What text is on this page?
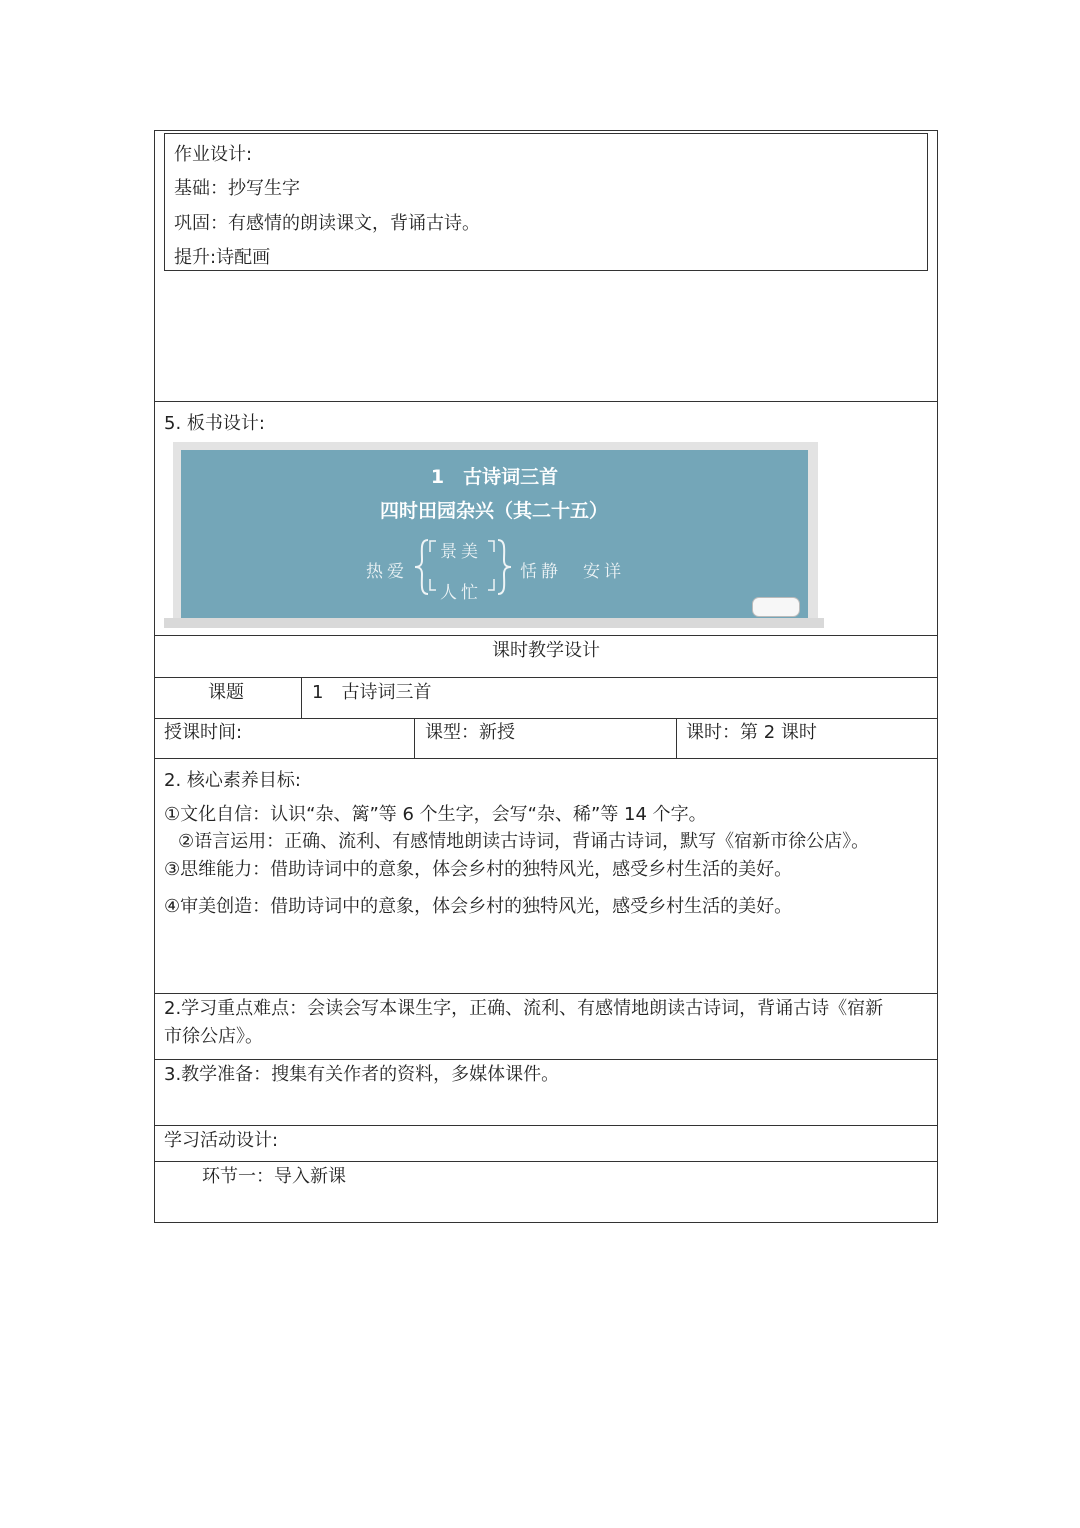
作业设计:
基础：抄写生字
巩固：有感情的朗读课文，背诵古诗。
提升:诗配画
5. 板书设计:
1　古诗词三首
四时田园杂兴（其二十五）
热爱
景美
人忙
恬静　安详
课时教学设计
课题	1　古诗词三首
授课时间:	课型：新授	课时：第 2 课时
2. 核心素养目标:
①文化自信：认识“杂、篱”等 6 个生字，会写“杂、稀”等 14 个字。
②语言运用：正确、流利、有感情地朗读古诗词，背诵古诗词，默写《宿新市徐公店》。
③思维能力：借助诗词中的意象，体会乡村的独特风光，感受乡村生活的美好。
④审美创造：借助诗词中的意象，体会乡村的独特风光，感受乡村生活的美好。
2.学习重点难点：会读会写本课生字，正确、流利、有感情地朗读古诗词，背诵古诗《宿新
市徐公店》。
3.教学准备：搜集有关作者的资料，多媒体课件。
学习活动设计:
环节一：导入新课
